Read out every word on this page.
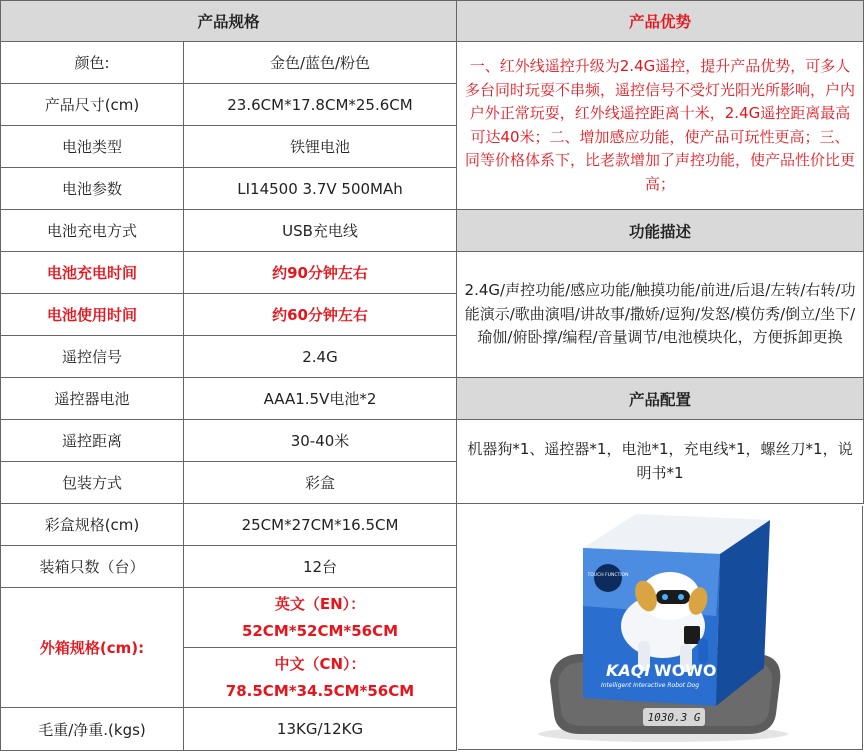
产品规格
颜色:	金色/蓝色/粉色
产品尺寸(cm)	23.6CM*17.8CM*25.6CM
电池类型	铁锂电池
电池参数	LI14500 3.7V 500MAh
电池充电方式	USB充电线
电池充电时间	约90分钟左右
电池使用时间	约60分钟左右
遥控信号	2.4G
遥控器电池	AAA1.5V电池*2
遥控距离	30-40米
包装方式	彩盒
彩盒规格(cm)	25CM*27CM*16.5CM
装箱只数（台）	12台
外箱规格(cm):
英文（EN）：
52CM*52CM*56CM
中文（CN）：
78.5CM*34.5CM*56CM
毛重/净重.(kgs)	13KG/12KG
产品优势
一、红外线遥控升级为2.4G遥控，提升产品优势，可多人多台同时玩耍不串频，遥控信号不受灯光阳光所影响，户内户外正常玩耍，红外线遥控距离十米，2.4G遥控距离最高可达40米；二、增加感应功能，使产品可玩性更高；三、同等价格体系下，比老款增加了声控功能，使产品性价比更高；
功能描述
2.4G/声控功能/感应功能/触摸功能/前进/后退/左转/右转/功能演示/歌曲演唱/讲故事/撒娇/逗狗/发怒/模仿秀/倒立/坐下/瑜伽/俯卧撑/编程/音量调节/电池模块化，方便拆卸更换
产品配置
机器狗*1、遥控器*1，电池*1，充电线*1，螺丝刀*1，说明书*1
1030.3 G
TOUCH FUNCTION
KAQI WOWO
Intelligent Interactive Robot Dog
